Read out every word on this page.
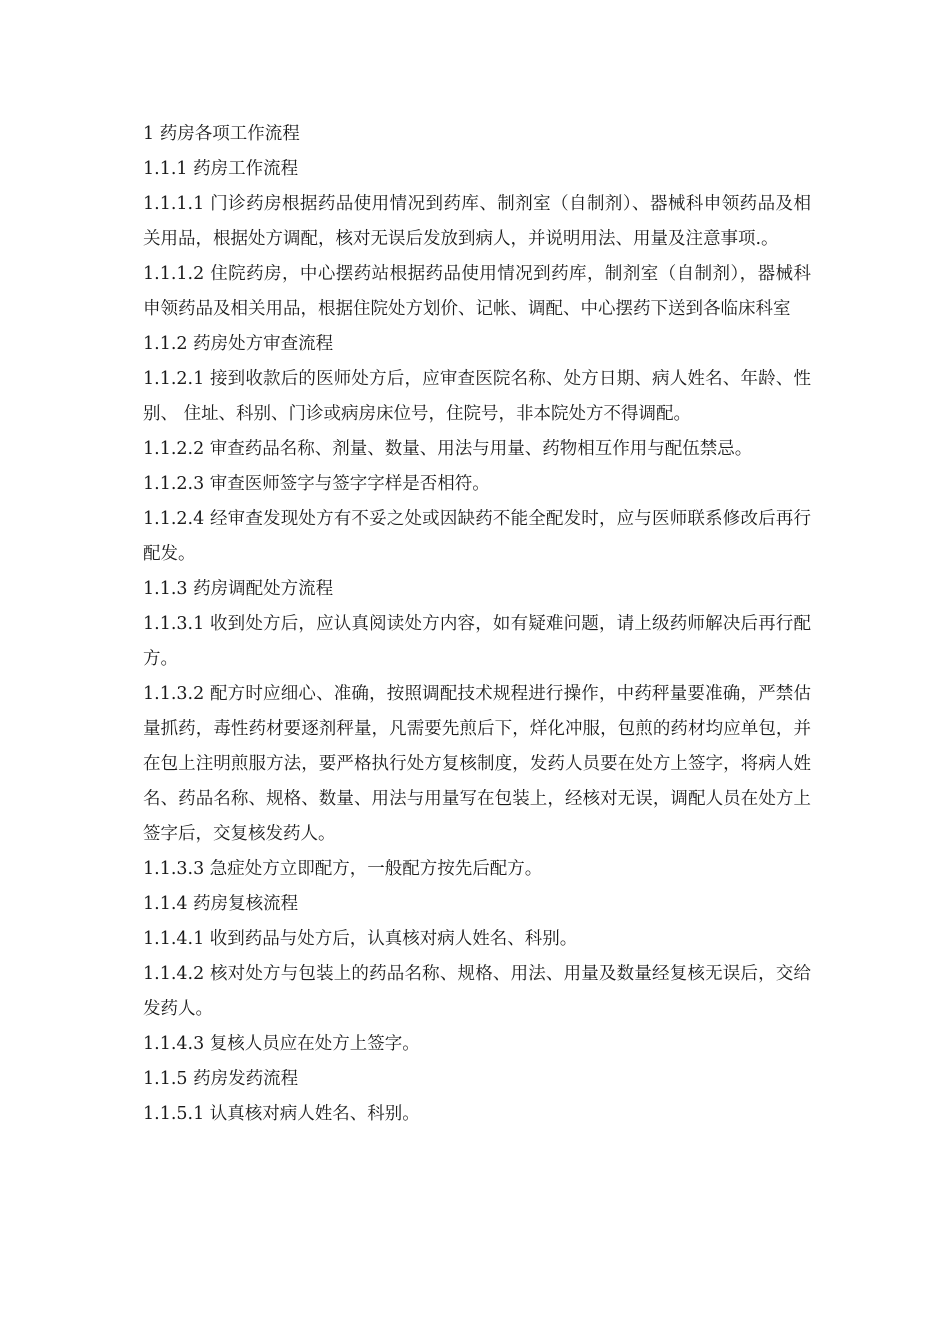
1 药房各项工作流程

1.1.1 药房工作流程

1.1.1.1 门诊药房根据药品使用情况到药库、制剂室（自制剂）、器械科申领药品及相关用品，根据处方调配，核对无误后发放到病人，并说明用法、用量及注意事项.。

1.1.1.2 住院药房，中心摆药站根据药品使用情况到药库，制剂室（自制剂），器械科申领药品及相关用品，根据住院处方划价、记帐、调配、中心摆药下送到各临床科室

1.1.2 药房处方审查流程

1.1.2.1 接到收款后的医师处方后，应审查医院名称、处方日期、病人姓名、年龄、性别、 住址、科别、门诊或病房床位号，住院号，非本院处方不得调配。

1.1.2.2 审查药品名称、剂量、数量、用法与用量、药物相互作用与配伍禁忌。

1.1.2.3 审查医师签字与签字字样是否相符。

1.1.2.4 经审查发现处方有不妥之处或因缺药不能全配发时，应与医师联系修改后再行配发。

1.1.3 药房调配处方流程

1.1.3.1 收到处方后，应认真阅读处方内容，如有疑难问题，请上级药师解决后再行配方。

1.1.3.2 配方时应细心、准确，按照调配技术规程进行操作，中药秤量要准确，严禁估量抓药，毒性药材要逐剂秤量，凡需要先煎后下，烊化冲服，包煎的药材均应单包，并在包上注明煎服方法，要严格执行处方复核制度，发药人员要在处方上签字，将病人姓名、药品名称、规格、数量、用法与用量写在包装上，经核对无误，调配人员在处方上签字后，交复核发药人。

1.1.3.3 急症处方立即配方，一般配方按先后配方。

1.1.4 药房复核流程

1.1.4.1 收到药品与处方后，认真核对病人姓名、科别。

1.1.4.2 核对处方与包装上的药品名称、规格、用法、用量及数量经复核无误后，交给发药人。

1.1.4.3 复核人员应在处方上签字。

1.1.5 药房发药流程

1.1.5.1 认真核对病人姓名、科别。
